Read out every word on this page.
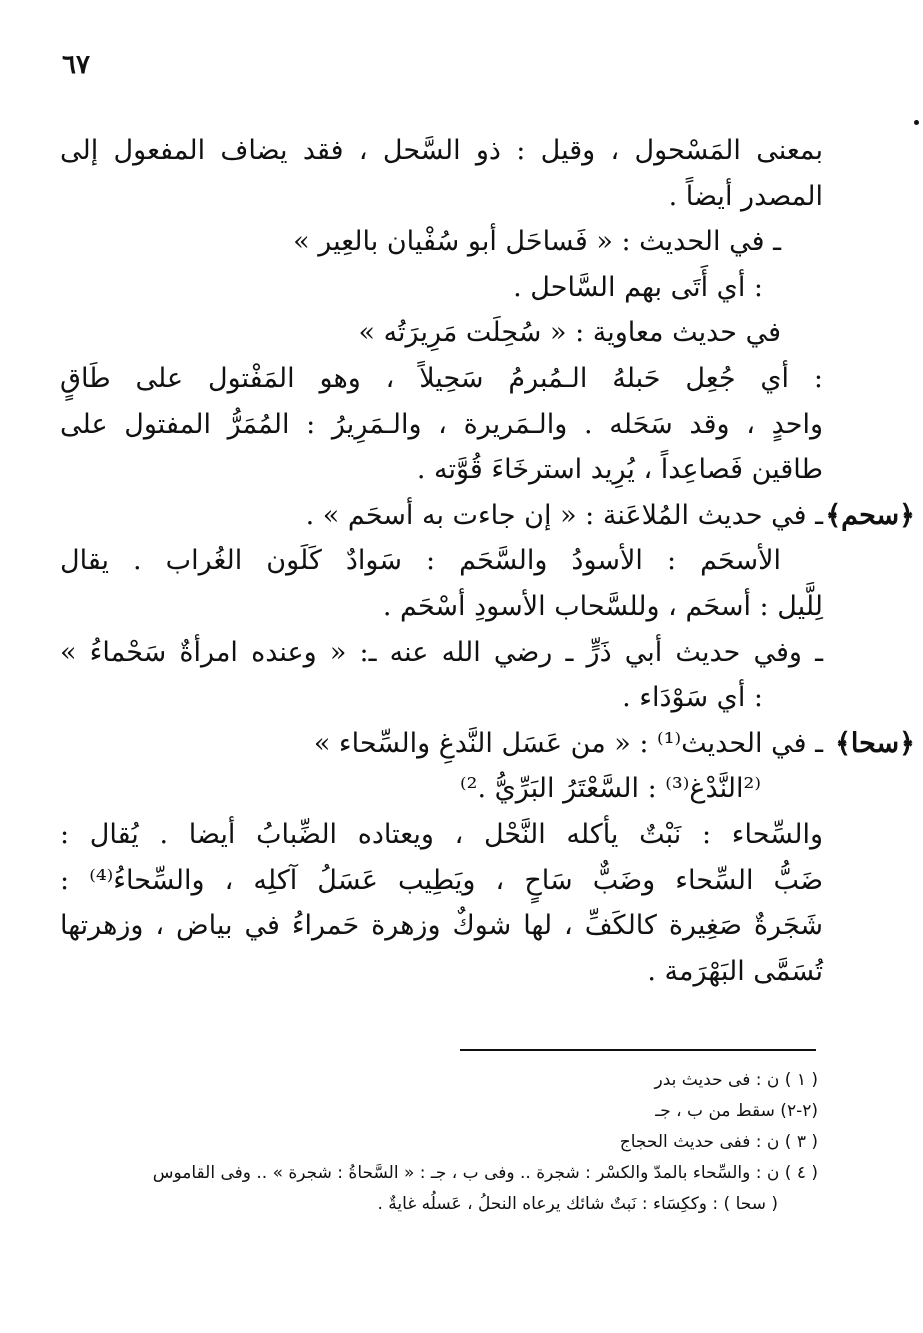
٦٧
بمعنى المَسْحول ، وقيل : ذو السَّحل ، فقد يضاف المفعول إلى
المصدر أيضاً .
ـ في الحديث : « فَساحَل أبو سُفْيان بالعِير »
: أي أَتَى بهم السَّاحل .
في حديث معاوية : « سُحِلَت مَرِيرَتُه »
: أي جُعِل حَبلهُ الـمُبرمُ سَحِيلاً ، وهو المَفْتول على طَاقٍ
واحدٍ ، وقد سَحَله . والـمَريرة ، والـمَرِيرُ : المُمَرُّ المفتول على
طاقين فَصاعِداً ، يُرِيد استرخَاءَ قُوَّته .
﴿سحم﴾
ـ في حديث المُلاعَنة : « إن جاءت به أسحَم » .
الأسحَم : الأسودُ والسَّحَم : سَوادٌ كَلَون الغُراب . يقال
لِلَّيل : أسحَم ، وللسَّحاب الأسودِ أسْحَم .
ـ وفي حديث أبي ذَرٍّ ـ رضي الله عنه ـ: « وعنده امرأةٌ سَحْماءُ »
: أي سَوْدَاء .
﴿سحا﴾
ـ في الحديث⁽¹⁾ : « من عَسَل النَّدغِ والسِّحاء »
⁽²النَّدْغ⁽³⁾ : السَّعْتَرُ البَرِّيُّ .²⁾
والسِّحاء : نَبْتٌ يأكله النَّحْل ، ويعتاده الضِّبابُ أيضا . يُقال :
ضَبُّ السِّحاء وضَبٌّ سَاحٍ ، ويَطِيب عَسَلُ آكلِه ، والسِّحاءُ⁽⁴⁾ :
شَجَرةٌ صَغِيرة كالكَفِّ ، لها شوكٌ وزهرة حَمراءُ في بياض ، وزهرتها
تُسَمَّى البَهْرَمة .
( ١ ) ن : فى حديث بدر
(٢-٢) سقط من ب ، جـ
( ٣ ) ن : ففى حديث الحجاج
( ٤ ) ن : والسِّحاء بالمدّ والكسْر : شجرة .. وفى ب ، جـ : « السَّحاةُ : شجرة » .. وفى القاموس
( سحا ) : وككِسَاء : نَبتٌ شائك يرعاه النحلُ ، عَسلُه غايةٌ .
